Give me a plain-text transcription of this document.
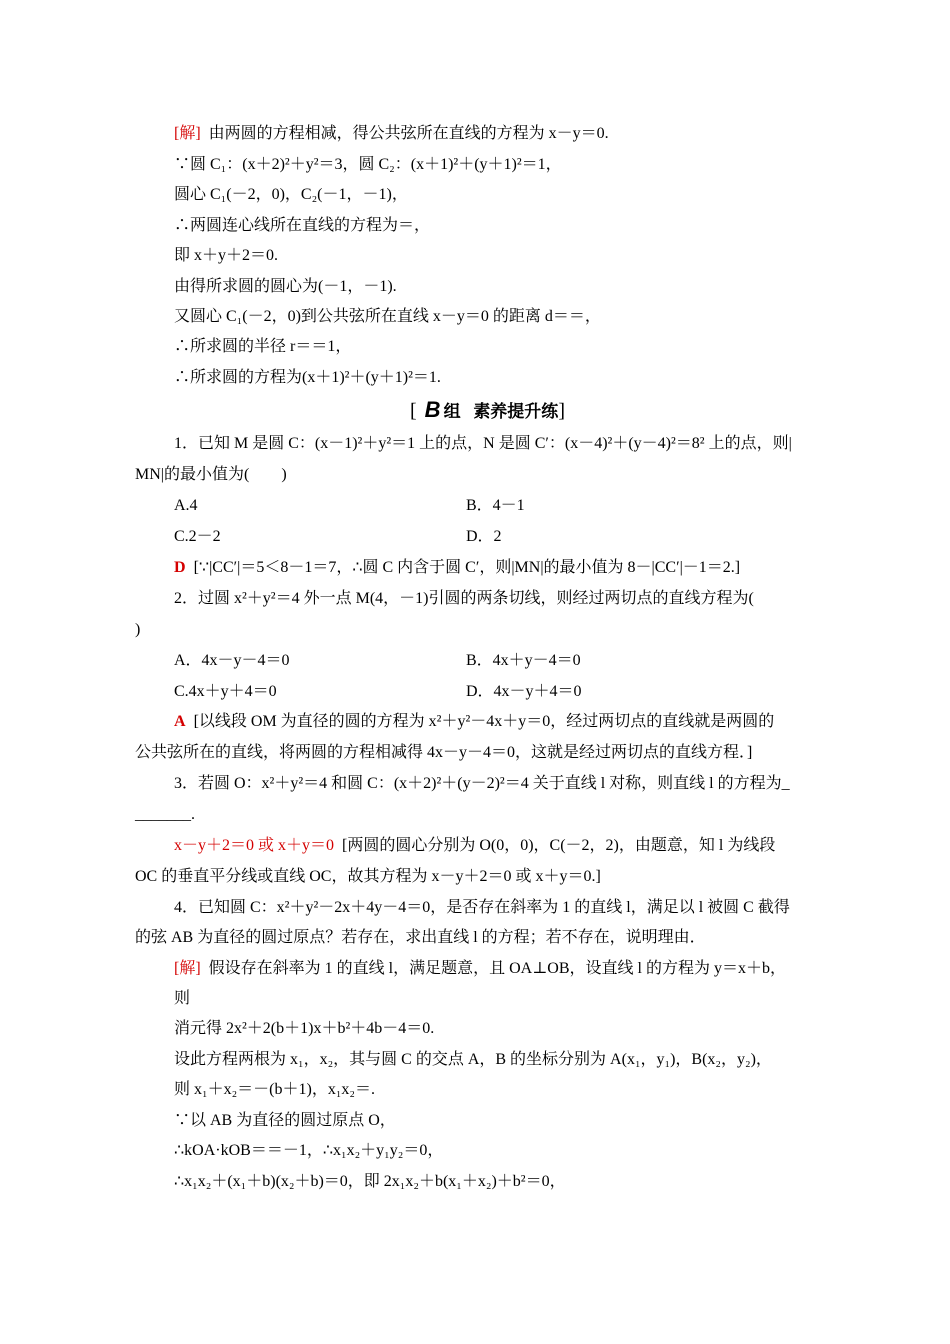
[解] 由两圆的方程相减，得公共弦所在直线的方程为 x－y＝0.
∵圆 C₁：(x＋2)²＋y²＝3，圆 C₂：(x＋1)²＋(y＋1)²＝1，
圆心 C₁(－2，0)，C₂(－1，－1)，
∴两圆连心线所在直线的方程为＝，
即 x＋y＋2＝0.
由得所求圆的圆心为(－1，－1).
又圆心 C₁(－2，0)到公共弦所在直线 x－y＝0 的距离 d＝＝，
∴所求圆的半径 r＝＝1，
∴所求圆的方程为(x＋1)²＋(y＋1)²＝1.
[ B 组 素养提升练]
1．已知 M 是圆 C：(x－1)²＋y²＝1 上的点，N 是圆 C′：(x－4)²＋(y－4)²＝8² 上的点，则|
MN|的最小值为(　　)
A.4	B．4－1
C.2－2	D．2
D [∵|CC′|＝5＜8－1＝7，∴圆 C 内含于圆 C′，则|MN|的最小值为 8－|CC′|－1＝2.]
2．过圆 x²＋y²＝4 外一点 M(4，－1)引圆的两条切线，则经过两切点的直线方程为(
)
A．4x－y－4＝0	B．4x＋y－4＝0
C.4x＋y＋4＝0	D．4x－y＋4＝0
A [以线段 OM 为直径的圆的方程为 x²＋y²－4x＋y＝0，经过两切点的直线就是两圆的
公共弦所在的直线，将两圆的方程相减得 4x－y－4＝0，这就是经过两切点的直线方程．]
3．若圆 O：x²＋y²＝4 和圆 C：(x＋2)²＋(y－2)²＝4 关于直线 l 对称，则直线 l 的方程为_
_______.
x－y＋2＝0 或 x＋y＝0 [两圆的圆心分别为 O(0，0)，C(－2，2)，由题意，知 l 为线段
OC 的垂直平分线或直线 OC，故其方程为 x－y＋2＝0 或 x＋y＝0.]
4．已知圆 C：x²＋y²－2x＋4y－4＝0，是否存在斜率为 1 的直线 l，满足以 l 被圆 C 截得
的弦 AB 为直径的圆过原点？若存在，求出直线 l 的方程；若不存在，说明理由．
[解] 假设存在斜率为 1 的直线 l，满足题意，且 OA⊥OB，设直线 l 的方程为 y＝x＋b，
则
消元得 2x²＋2(b＋1)x＋b²＋4b－4＝0.
设此方程两根为 x₁，x₂，其与圆 C 的交点 A，B 的坐标分别为 A(x₁，y₁)，B(x₂，y₂)，
则 x₁＋x₂＝－(b＋1)，x₁x₂＝.
∵以 AB 为直径的圆过原点 O，
∴kOA·kOB＝＝－1，∴x₁x₂＋y₁y₂＝0，
∴x₁x₂＋(x₁＋b)(x₂＋b)＝0，即 2x₁x₂＋b(x₁＋x₂)＋b²＝0，
